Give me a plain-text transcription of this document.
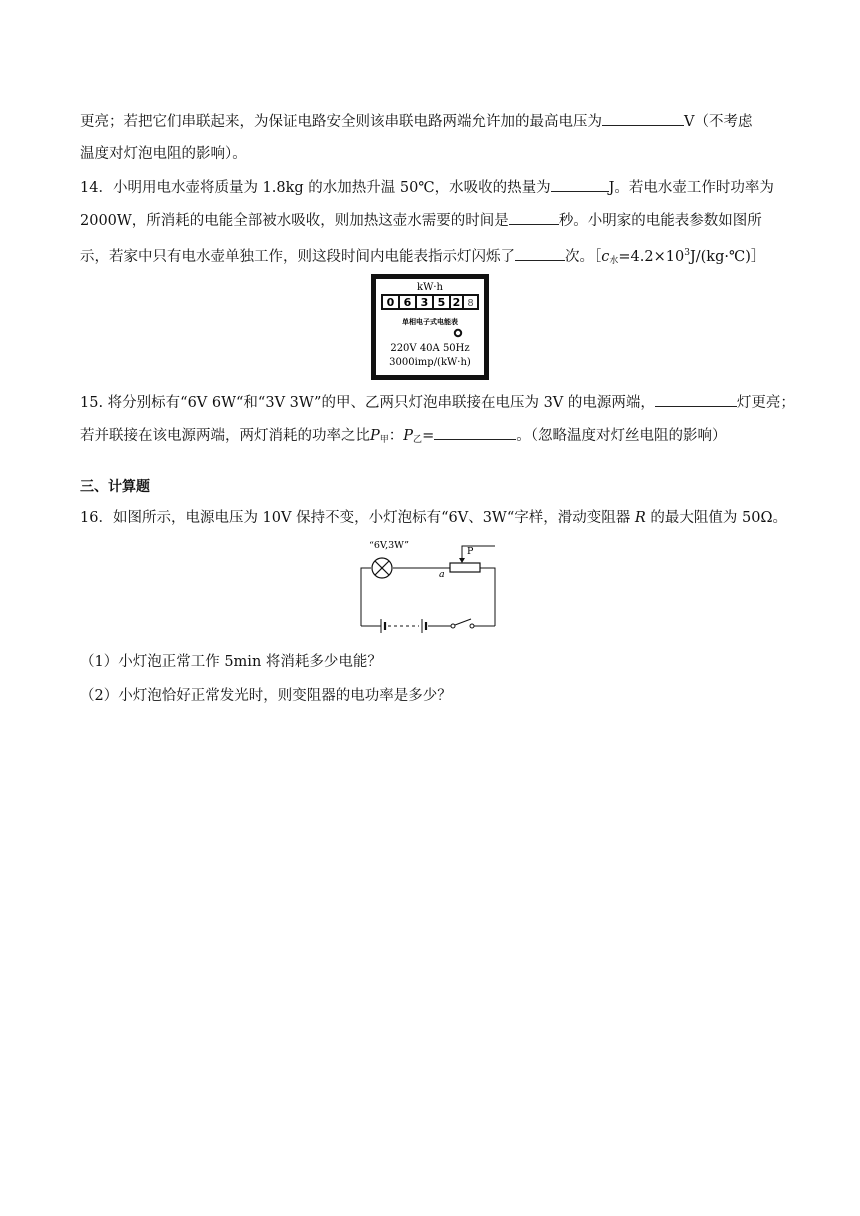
更亮；若把它们串联起来，为保证电路安全则该串联电路两端允许加的最高电压为	V（不考虑
温度对灯泡电阻的影响）。
14．小明用电水壶将质量为 1.8kg 的水加热升温 50℃，水吸收的热量为	J。若电水壶工作时功率为
2000W，所消耗的电能全部被水吸收，则加热这壶水需要的时间是	秒。小明家的电能表参数如图所
示，若家中只有电水壶单独工作，则这段时间内电能表指示灯闪烁了	次。$[c_水=4.2\times 10^3J/(kg\cdot℃)]$
kW·h
0 6 3 5 2 8
单相电子式电能表
220V 40A 50Hz
3000imp/(kW·h)
15. 将分别标有“6V 6W“和“3V 3W”的甲、乙两只灯泡串联接在电压为 3V 的电源两端，	灯更亮；
若并联接在该电源两端，两灯消耗的功率之比$P_甲$：$P_乙=$	。（忽略温度对灯丝电阻的影响）
三、计算题
16．如图所示，电源电压为 10V 保持不变，小灯泡标有“6V、3W“字样，滑动变阻器 R 的最大阻值为 50Ω。
“6V,3W”
P
a
（1）小灯泡正常工作 5min 将消耗多少电能？
（2）小灯泡恰好正常发光时，则变阻器的电功率是多少？
